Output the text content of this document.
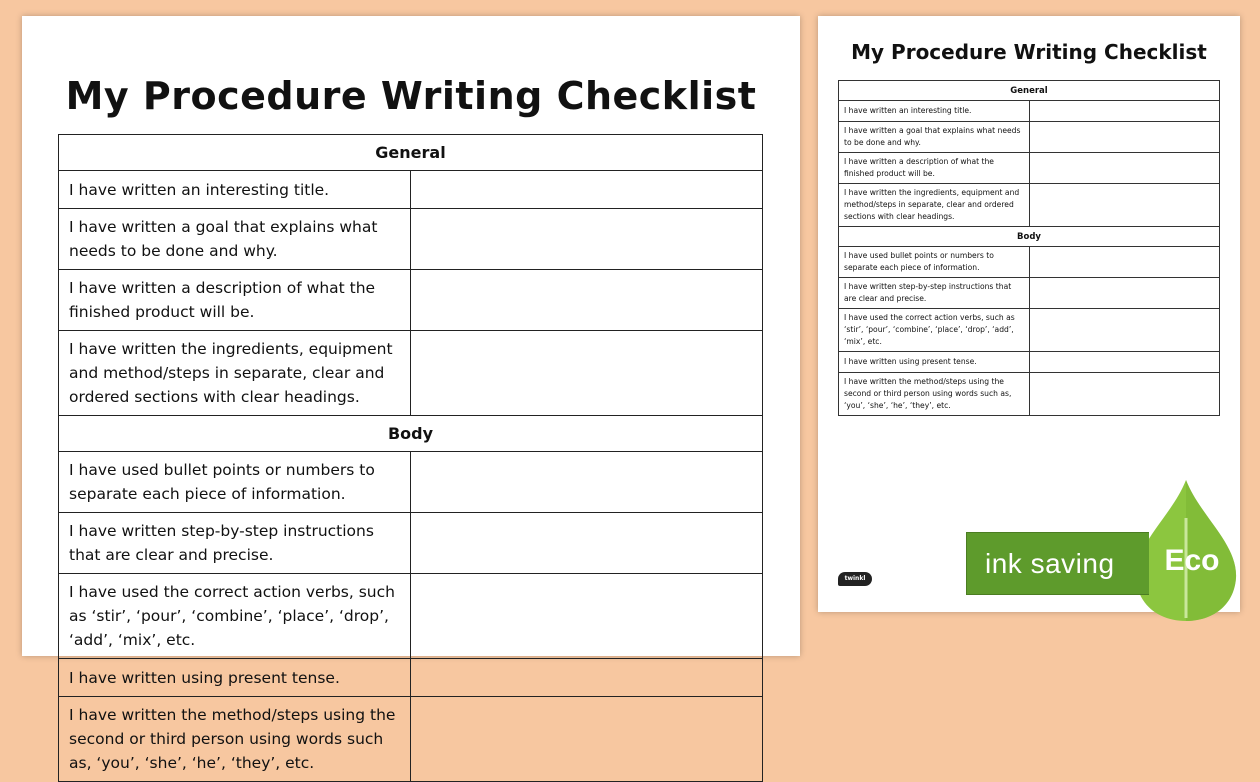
My Procedure Writing Checklist
General	
I have written an interesting title.	
I have written a goal that explains what needs to be done and why.	
I have written a description of what the finished product will be.	
I have written the ingredients, equipment and method/steps in separate, clear and ordered sections with clear headings.	
Body	
I have used bullet points or numbers to separate each piece of information.	
I have written step-by-step instructions that are clear and precise.	
I have used the correct action verbs, such as ‘stir’, ‘pour’, ‘combine’, ‘place’, ‘drop’, ‘add’, ‘mix’, etc.	
I have written using present tense.	
I have written the method/steps using the second or third person using words such as, ‘you’, ‘she’, ‘he’, ‘they’, etc.	
My Procedure Writing Checklist
General	
I have written an interesting title.	
I have written a goal that explains what needs to be done and why.	
I have written a description of what the finished product will be.	
I have written the ingredients, equipment and method/steps in separate, clear and ordered sections with clear headings.	
Body	
I have used bullet points or numbers to separate each piece of information.	
I have written step-by-step instructions that are clear and precise.	
I have used the correct action verbs, such as ‘stir’, ‘pour’, ‘combine’, ‘place’, ‘drop’, ‘add’, ‘mix’, etc.	
I have written using present tense.	
I have written the method/steps using the second or third person using words such as, ‘you’, ‘she’, ‘he’, ‘they’, etc.	
twinkl	ink saving	Eco
